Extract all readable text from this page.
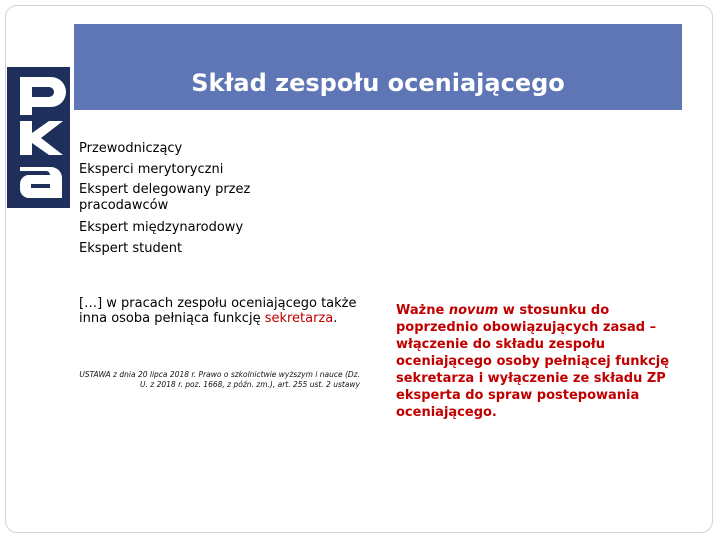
Skład zespołu oceniającego
Przewodniczący
Eksperci merytoryczni
Ekspert delegowany przez pracodawców
Ekspert międzynarodowy
Ekspert student
[…] w pracach zespołu oceniającego także inna osoba pełniąca funkcję sekretarza.
USTAWA z dnia 20 lipca 2018 r. Prawo o szkolnictwie wyższym i nauce (Dz. U. z 2018 r. poz. 1668, z późn. zm.), art. 255 ust. 2 ustawy
Ważne novum w stosunku do poprzednio obowiązujących zasad – włączenie do składu zespołu oceniającego osoby pełniącej funkcję sekretarza i wyłączenie ze składu ZP eksperta do spraw postepowania oceniającego.
